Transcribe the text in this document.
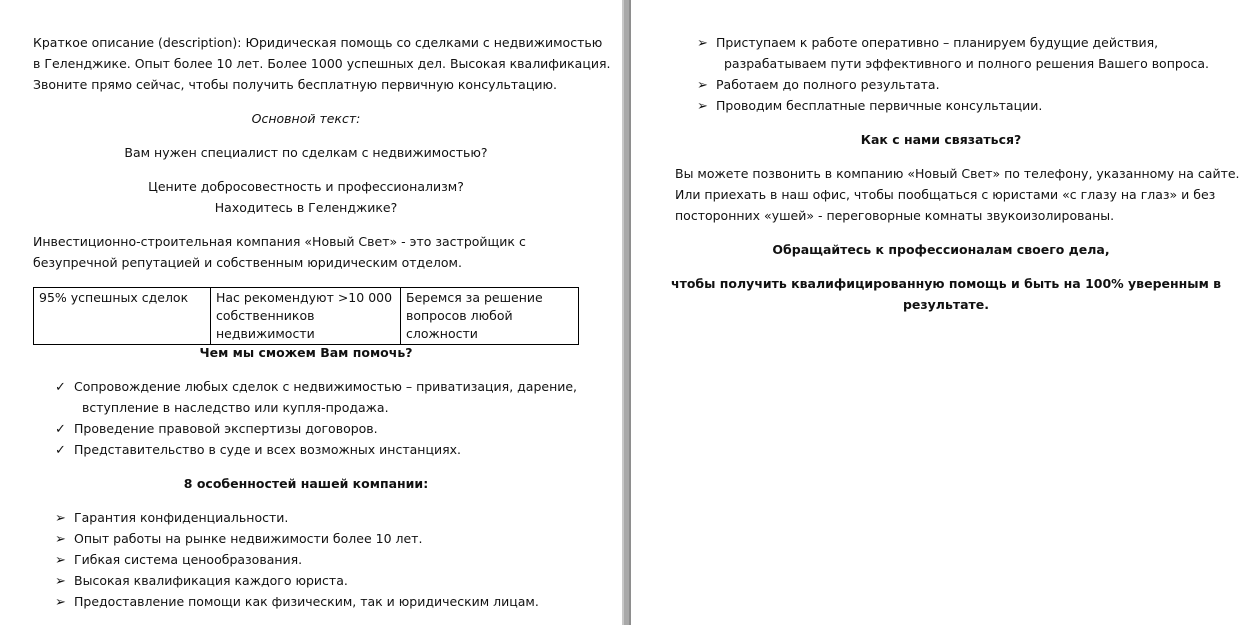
Краткое описание (description): Юридическая помощь со сделками с недвижимостью
в Геленджике. Опыт более 10 лет. Более 1000 успешных дел. Высокая квалификация.
Звоните прямо сейчас, чтобы получить бесплатную первичную консультацию.
Основной текст:
Вам нужен специалист по сделкам с недвижимостью?
Цените добросовестность и профессионализм?
Находитесь в Геленджике?
Инвестиционно-строительная компания «Новый Свет» - это застройщик с
безупречной репутацией и собственным юридическим отделом.
95% успешных сделок	Нас рекомендуют >10 000 собственников недвижимости	Беремся за решение вопросов любой сложности
Чем мы сможем Вам помочь?
✓
Сопровождение любых сделок с недвижимостью – приватизация, дарение,
вступление в наследство или купля-продажа.
✓
Проведение правовой экспертизы договоров.
✓
Представительство в суде и всех возможных инстанциях.
8 особенностей нашей компании:
➢
Гарантия конфиденциальности.
➢
Опыт работы на рынке недвижимости более 10 лет.
➢
Гибкая система ценообразования.
➢
Высокая квалификация каждого юриста.
➢
Предоставление помощи как физическим, так и юридическим лицам.
➢
Приступаем к работе оперативно – планируем будущие действия,
разрабатываем пути эффективного и полного решения Вашего вопроса.
➢
Работаем до полного результата.
➢
Проводим бесплатные первичные консультации.
Как с нами связаться?
Вы можете позвонить в компанию «Новый Свет» по телефону, указанному на сайте.
Или приехать в наш офис, чтобы пообщаться с юристами «с глазу на глаз» и без
посторонних «ушей» - переговорные комнаты звукоизолированы.
Обращайтесь к профессионалам своего дела,
чтобы получить квалифицированную помощь и быть на 100% уверенным в
результате.
